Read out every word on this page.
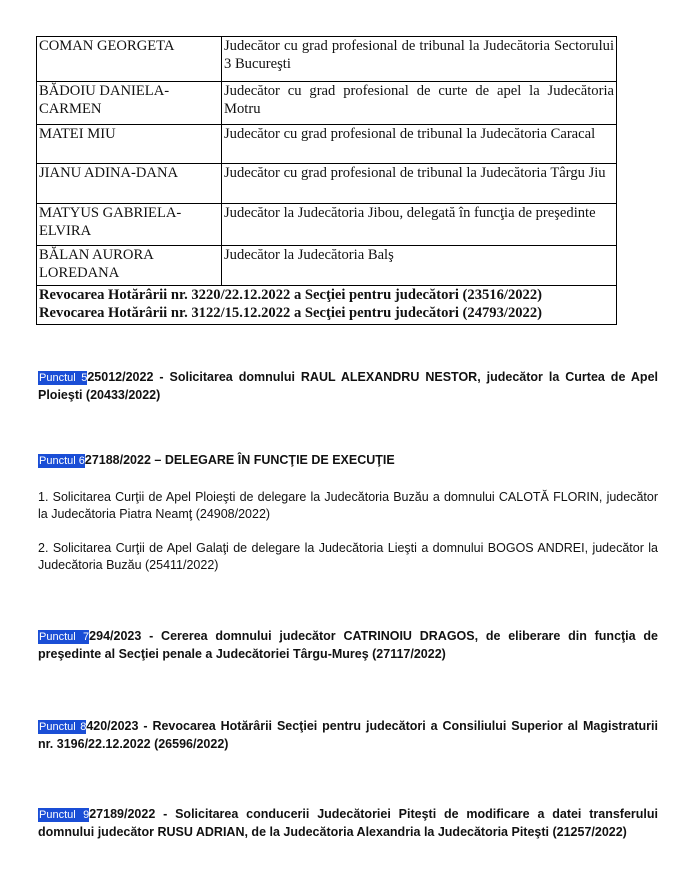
COMAN GEORGETA	Judecător cu grad profesional de tribunal la Judecătoria Sectorului 3 Bucureşti
BĂDOIU DANIELA-CARMEN	Judecător cu grad profesional de curte de apel la Judecătoria Motru
MATEI MIU	Judecător cu grad profesional de tribunal la Judecătoria Caracal
JIANU ADINA-DANA	Judecător cu grad profesional de tribunal la Judecătoria Târgu Jiu
MATYUS GABRIELA-ELVIRA	Judecător la Judecătoria Jibou, delegată în funcţia de preşedinte
BĂLAN AURORA LOREDANA	Judecător la Judecătoria Balş

Revocarea Hotărârii nr. 3220/22.12.2022 a Secţiei pentru judecători (23516/2022)
Revocarea Hotărârii nr. 3122/15.12.2022 a Secţiei pentru judecători (24793/2022)	
Punctul 525012/2022 - Solicitarea domnului RAUL ALEXANDRU NESTOR, judecător la Curtea de Apel Ploieşti (20433/2022)
Punctul 627188/2022 – DELEGARE ÎN FUNCŢIE DE EXECUŢIE
1. Solicitarea Curţii de Apel Ploieşti de delegare la Judecătoria Buzău a domnului CALOTĂ FLORIN, judecător la Judecătoria Piatra Neamţ (24908/2022)
2. Solicitarea Curţii de Apel Galaţi de delegare la Judecătoria Lieşti a domnului BOGOS ANDREI, judecător la Judecătoria Buzău (25411/2022)
Punctul 7294/2023 - Cererea domnului judecător CATRINOIU DRAGOS, de eliberare din funcţia de preşedinte al Secţiei penale a Judecătoriei Târgu-Mureş (27117/2022)
Punctul 8420/2023 - Revocarea Hotărârii Secţiei pentru judecători a Consiliului Superior al Magistraturii nr. 3196/22.12.2022 (26596/2022)
Punctul 927189/2022 - Solicitarea conducerii Judecătoriei Piteşti de modificare a datei transferului domnului judecător RUSU ADRIAN, de la Judecătoria Alexandria la Judecătoria Piteşti (21257/2022)
